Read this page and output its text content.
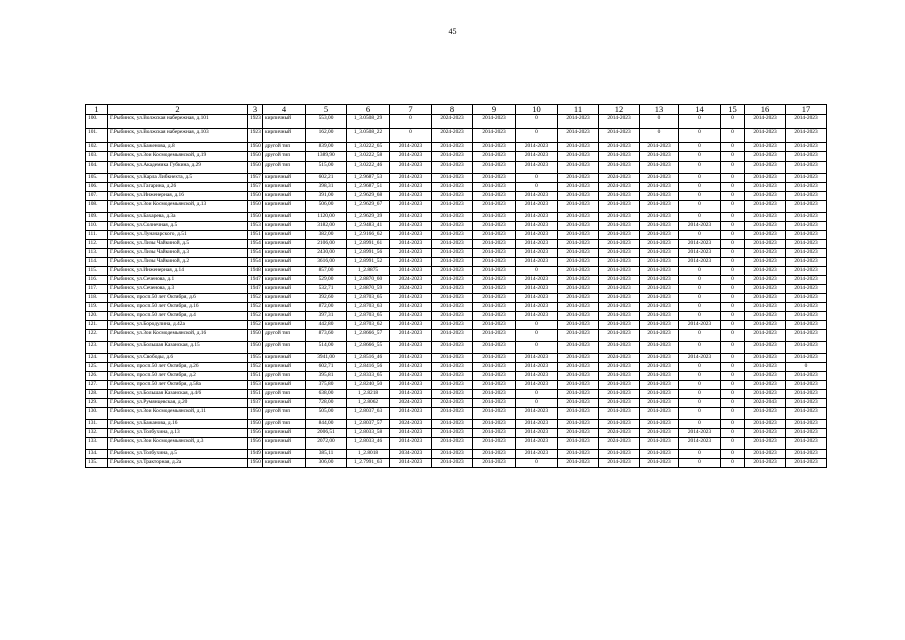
45
1	2	3	4	5	6	7	8	9	10	11	12	13	14	15	16	17
100.	Г.Рыбинск, ул.Волжская набережная, д.101	1923	кирпичный	553,00	1_3.0508_29	0	2024-2023	2014-2023	0	2014-2023	2014-2023	0	0	0	2014-2023	2014-2023
101.	Г.Рыбинск, ул.Волжская набережная, д.103	1923	кирпичный	162,00	1_3.0508_22	0	2024-2023	2014-2023	0	2014-2023	2014-2023	0	0	0	2014-2023	2014-2023
102.	Г.Рыбинск, ул.Баженова, д.8	1950	другой тип	839,00	1_3.0222_65	2014-2023	2014-2023	2014-2023	2014-2023	2014-2023	2014-2023	2014-2023	0	0	2014-2023	2014-2023
103.	Г.Рыбинск, ул.Зои Космодемьянской, д.19	1950	другой тип	1389,90	1_3.0222_58	2014-2023	2014-2023	2014-2023	2014-2023	2014-2023	2014-2023	2014-2023	0	0	2014-2023	2014-2023
104.	Г.Рыбинск, ул.Академика Губкина, д.29	1950	другой тип	515,00	1_3.0222_46	2014-2023	2014-2023	2014-2023	2014-2023	2014-2023	2014-2023	2014-2023	0	0	2014-2023	2014-2023
105.	Г.Рыбинск, ул.Карла Либкнехта, д.5	1957	кирпичный	602,21	1_2.9687_53	2014-2023	2014-2023	2014-2023	0	2014-2023	2024-2023	2014-2023	0	0	2014-2023	2014-2023
106.	Г.Рыбинск, ул.Гагарина, д.26	1957	кирпичный	398,31	1_2.9687_51	2014-2023	2014-2023	2014-2023	0	2014-2023	2024-2023	2014-2023	0	0	2014-2023	2014-2023
107.	Г.Рыбинск, ул.Инженерная, д.16	1950	кирпичный	391,00	1_2.9629_68	2014-2023	2014-2023	2014-2023	2014-2023	2014-2023	2014-2023	2014-2023	0	0	2014-2023	2014-2023
108.	Г.Рыбинск, ул.Зои Космодемьянской, д.13	1950	кирпичный	506,00	1_2.9629_67	2014-2023	2014-2023	2014-2023	2014-2023	2014-2023	2014-2023	2014-2023	0	0	2014-2023	2014-2023
109.	Г.Рыбинск, ул.Бахарева, д.3а	1950	кирпичный	1120,00	1_2.9629_39	2014-2023	2014-2023	2014-2023	2014-2023	2014-2023	2014-2023	2014-2023	0	0	2014-2023	2014-2023
110.	Г.Рыбинск, ул.Солнечная, д.5	1953	кирпичный	3182,00	1_2.9483_41	2014-2023	2014-2023	2014-2023	2014-2023	2014-2023	2014-2023	2014-2023	2014-2023	0	2014-2023	2014-2023
111.	Г.Рыбинск, ул.Луначарского, д.51	1951	кирпичный	382,00	1_2.9166_62	2014-2023	2014-2023	2014-2023	2014-2023	2014-2023	2014-2023	2014-2023	0	0	2014-2023	2014-2023
112.	Г.Рыбинск, ул.Лизы Чайкиной, д.5	1954	кирпичный	2106,00	1_2.8991_61	2014-2023	2014-2023	2014-2023	2014-2023	2014-2023	2014-2023	2014-2023	2014-2023	0	2014-2023	2014-2023
113.	Г.Рыбинск, ул.Лизы Чайкиной, д.3	1954	кирпичный	2430,00	1_2.8991_56	2014-2023	2014-2023	2014-2023	2014-2023	2014-2023	2014-2023	2014-2023	2014-2023	0	2014-2023	2014-2023
114.	Г.Рыбинск, ул.Лизы Чайкиной, д.2	1954	кирпичный	3616,00	1_2.8991_52	2014-2023	2014-2023	2014-2023	2014-2023	2014-2023	2014-2023	2014-2023	2014-2023	0	2014-2023	2014-2023
115.	Г.Рыбинск, ул.Инженерная, д.14	1948	кирпичный	857,00	1_2.8875	2014-2023	2014-2023	2014-2023	0	2014-2023	2014-2023	2014-2023	0	0	2014-2023	2014-2023
116.	Г.Рыбинск, ул.Сеченова, д.1	1947	кирпичный	529,00	1_2.8870_60	2024-2023	2014-2023	2014-2023	2014-2023	2014-2023	2014-2023	2014-2023	0	0	2014-2023	2014-2023
117.	Г.Рыбинск, ул.Сеченова, д.3	1947	кирпичный	532,71	1_2.8870_59	2024-2023	2014-2023	2014-2023	2014-2023	2014-2023	2014-2023	2014-2023	0	0	2014-2023	2014-2023
118.	Г.Рыбинск, просп.50 лет Октября, д.6	1952	кирпичный	392,60	1_2.8703_65	2014-2023	2014-2023	2014-2023	2014-2023	2014-2023	2014-2023	2014-2023	0	0	2014-2023	2014-2023
119.	Г.Рыбинск, просп.50 лет Октября, д.16	1952	кирпичный	872,00	1_2.8703_63	2014-2023	2014-2023	2014-2023	2014-2023	2014-2023	2014-2023	2014-2023	0	0	2014-2023	2014-2023
120.	Г.Рыбинск, просп.50 лет Октября, д.4	1952	кирпичный	397,31	1_2.8703_65	2014-2023	2014-2023	2014-2023	2014-2023	2014-2023	2014-2023	2014-2023	0	0	2014-2023	2014-2023
121.	Г.Рыбинск, ул.Бородулина, д.42а	1952	кирпичный	442,80	1_2.8703_62	2014-2023	2014-2023	2014-2023	0	2014-2023	2014-2023	2014-2023	2014-2023	0	2014-2023	2014-2023
122.	Г.Рыбинск, ул.Зои Космодемьянской, д.16	1950	другой тип	873,60	1_2.8666_57	2014-2023	2014-2023	2014-2023	0	2014-2023	2014-2023	2014-2023	0	0	2014-2023	2014-2023
123.	Г.Рыбинск, ул.Большая Казанская, д.15	1950	другой тип	514,00	1_2.8666_55	2014-2023	2014-2023	2014-2023	0	2014-2023	2014-2023	2014-2023	0	0	2014-2023	2014-2023
124.	Г.Рыбинск, ул.Свободы, д.6	1955	кирпичный	3941,00	1_2.8516_46	2014-2023	2014-2023	2014-2023	2014-2023	2014-2023	2024-2023	2014-2023	2014-2023	0	2014-2023	2014-2023
125.	Г.Рыбинск, просп.50 лет Октября, д.26	1952	кирпичный	602,71	1_2.8416_56	2014-2023	2014-2023	2014-2023	2014-2023	2014-2023	2014-2023	2014-2023	0	0	2014-2023	0
126.	Г.Рыбинск, просп.50 лет Октября, д.2	1951	другой тип	395,81	1_2.8333_65	2014-2023	2014-2023	2014-2023	2014-2023	2014-2023	2014-2023	2014-2023	0	0	2014-2023	2014-2023
127.	Г.Рыбинск, просп.50 лет Октября, д.58а	1953	кирпичный	375,80	1_2.8240_50	2014-2023	2014-2023	2014-2023	2014-2023	2014-2023	2014-2023	2014-2023	0	0	2014-2023	2014-2023
128.	Г.Рыбинск, ул.Большая Казанская, д.4/6	1951	другой тип	638,00	1_2.8218	2014-2023	2014-2023	2014-2023	0	2014-2023	2014-2023	2014-2023	0	0	2014-2023	2014-2023
129.	Г.Рыбинск, ул.Румянцевская, д.20	1937	кирпичный	728,00	1_2.8062	2024-2023	2024-2023	2014-2023	0	2014-2023	2014-2023	2014-2023	0	0	2024-2043	2014-2023
130.	Г.Рыбинск, ул.Зои Космодемьянской, д.11	1950	другой тип	505,00	1_2.8037_63	2014-2023	2014-2023	2014-2023	2014-2023	2014-2023	2014-2023	2014-2023	0	0	2014-2023	2014-2023
131.	Г.Рыбинск, ул.Бажанова, д.16	1950	другой тип	844,00	1_2.8037_57	2024-2023	2014-2023	2014-2023	2014-2023	2014-2023	2014-2023	2014-2023	0	0	2014-2023	2014-2023
132.	Г.Рыбинск, ул.Толбухина, д.13	1956	кирпичный	2006,51	1_2.8033_58	2014-2023	2014-2023	2014-2023	2014-2023	2014-2023	2024-2023	2014-2023	2014-2023	0	2014-2023	2014-2023
133.	Г.Рыбинск, ул.Зои Космодемьянской, д.3	1956	кирпичный	2072,00	1_2.8033_46	2014-2023	2014-2023	2014-2023	2014-2023	2014-2023	2024-2023	2014-2023	2014-2023	0	2014-2023	2014-2023
134.	Г.Рыбинск, ул.Толбухина, д.5	1949	кирпичный	385,11	1_2.8018	2034-2023	2014-2023	2014-2023	2014-2023	2014-2023	2014-2023	2014-2023	0	0	2014-2023	2014-2023
135.	Г.Рыбинск, ул.Тракторная, д.2а	1950	кирпичный	306,00	1_2.7991_63	2014-2023	2014-2023	2014-2023	0	2014-2023	2014-2023	2014-2023	0	0	2014-2023	2014-2023
